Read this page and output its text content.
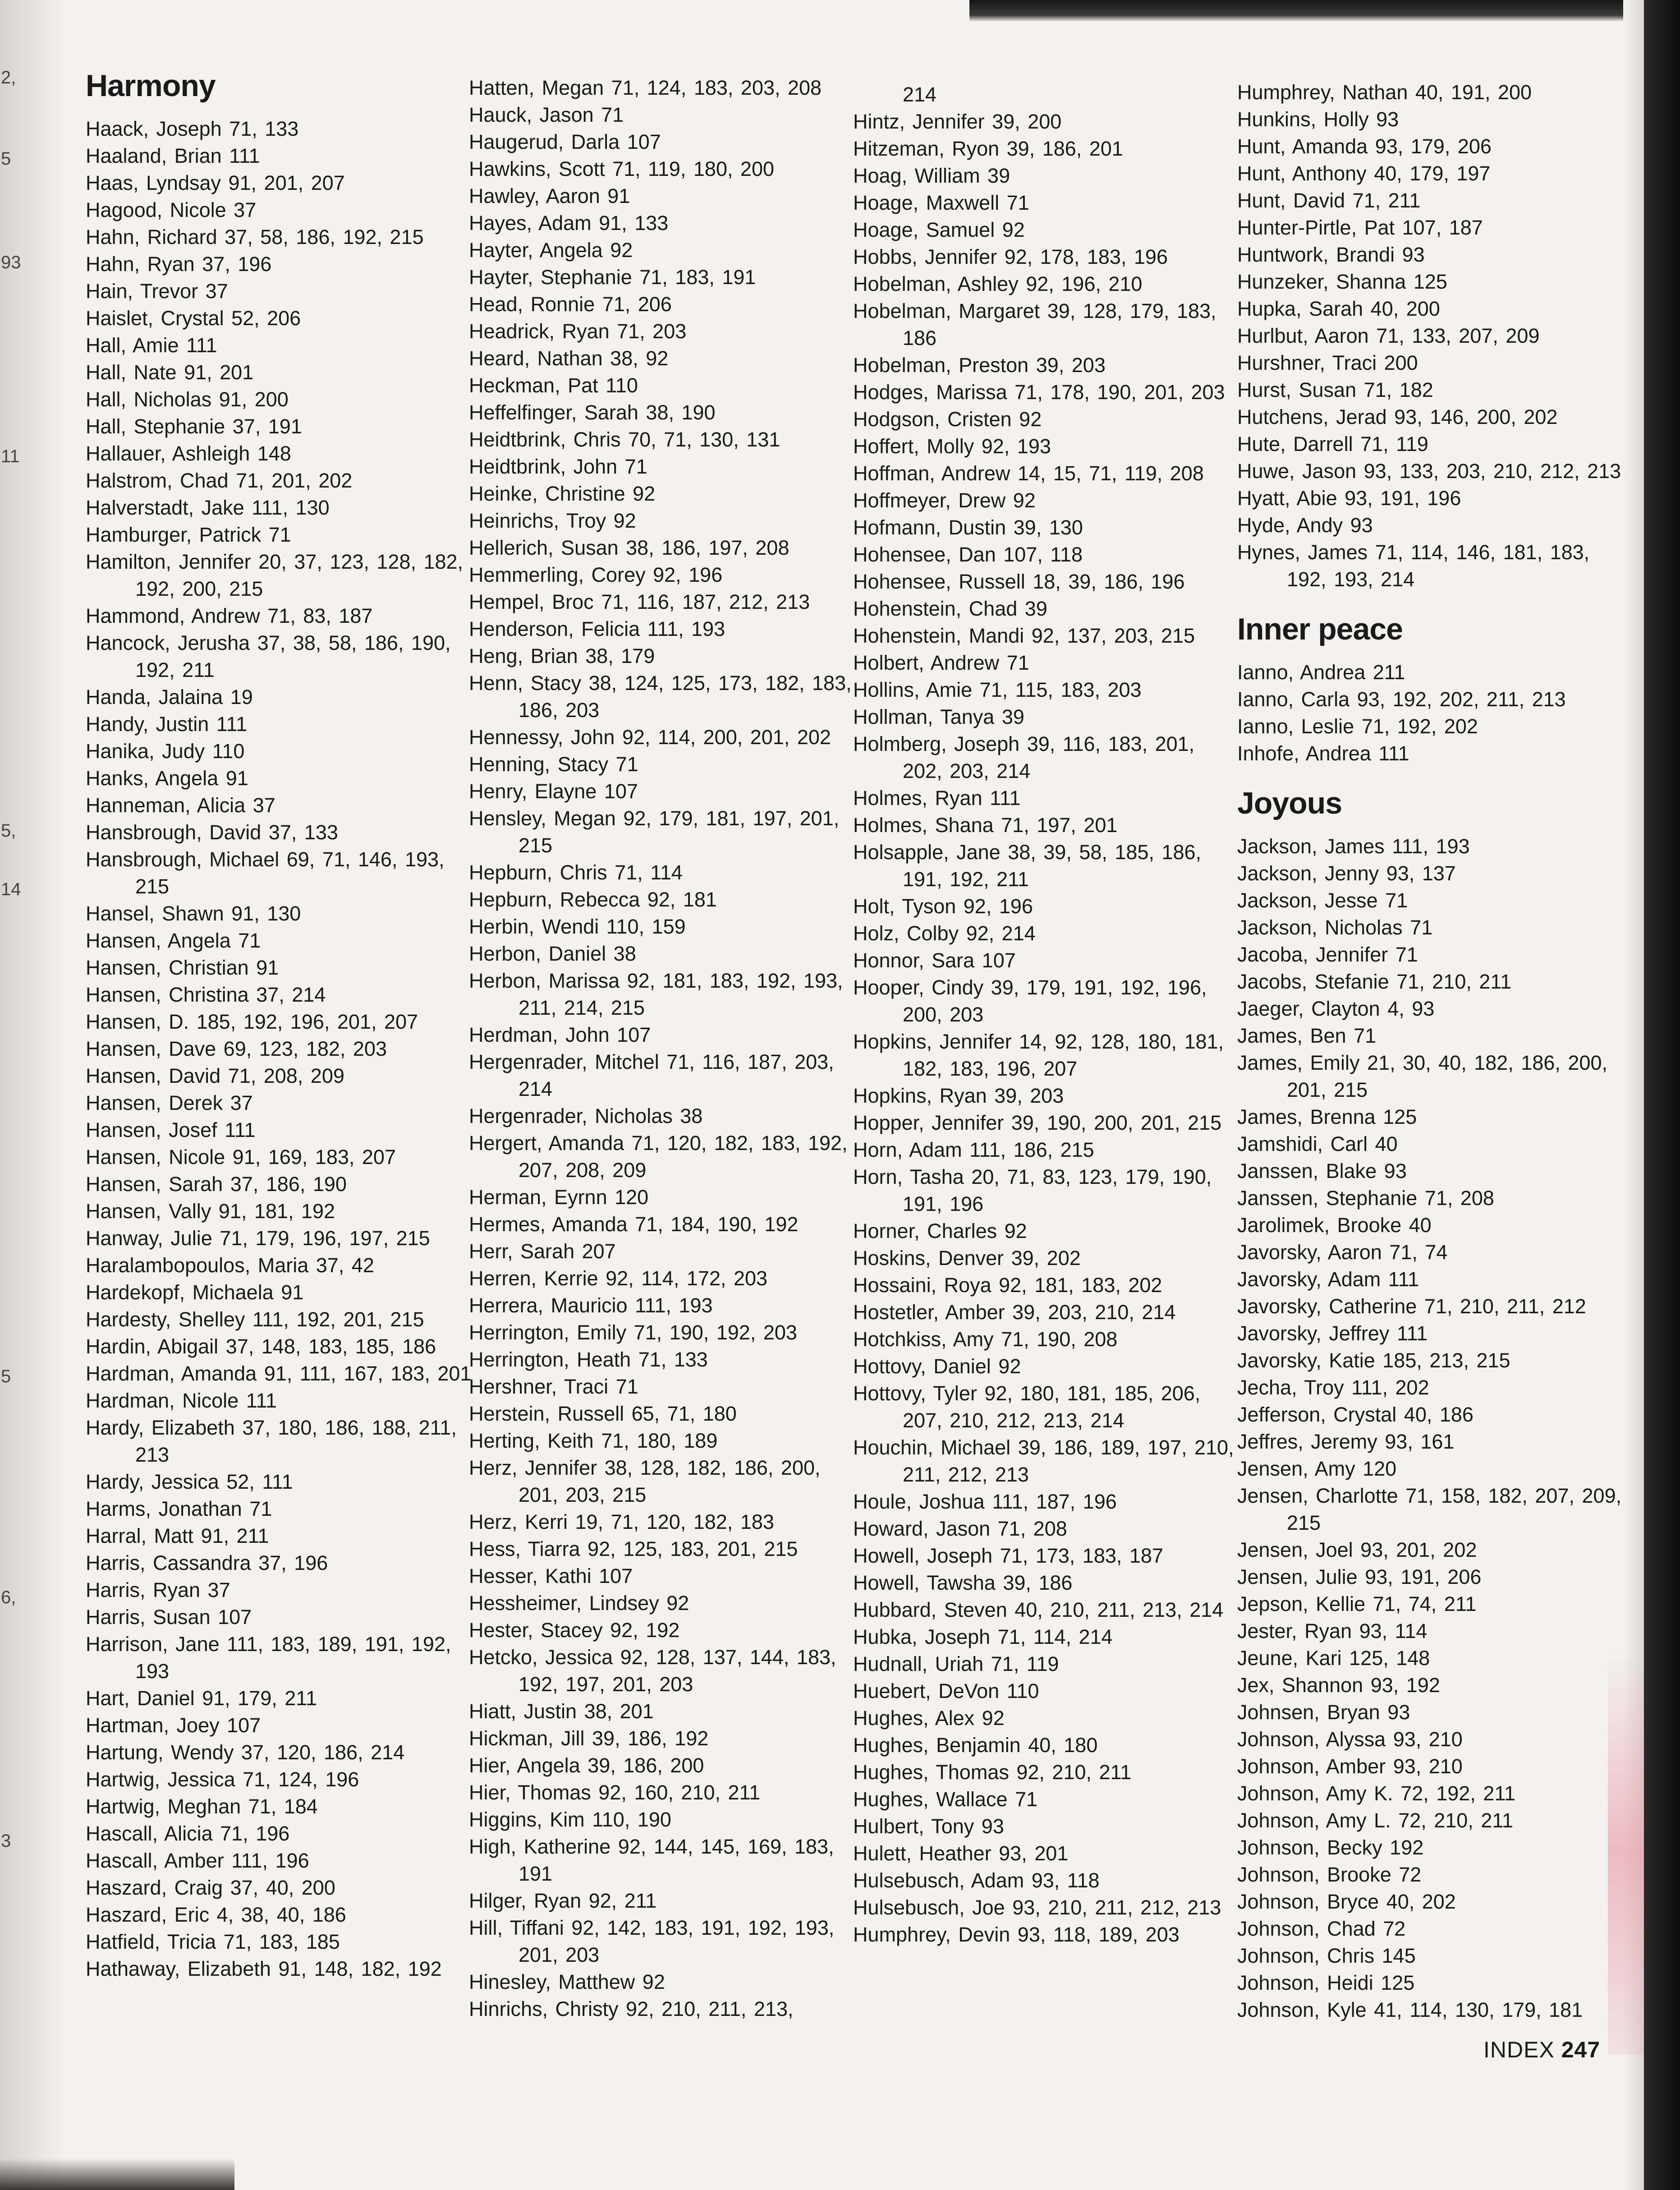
2,
5
93
11
5,
14
5
6,
3
Harmony
Haack, Joseph 71, 133
Haaland, Brian 111
Haas, Lyndsay 91, 201, 207
Hagood, Nicole 37
Hahn, Richard 37, 58, 186, 192, 215
Hahn, Ryan 37, 196
Hain, Trevor 37
Haislet, Crystal 52, 206
Hall, Amie 111
Hall, Nate 91, 201
Hall, Nicholas 91, 200
Hall, Stephanie 37, 191
Hallauer, Ashleigh 148
Halstrom, Chad 71, 201, 202
Halverstadt, Jake 111, 130
Hamburger, Patrick 71
Hamilton, Jennifer 20, 37, 123, 128, 182, 192, 200, 215
Hammond, Andrew 71, 83, 187
Hancock, Jerusha 37, 38, 58, 186, 190, 192, 211
Handa, Jalaina 19
Handy, Justin 111
Hanika, Judy 110
Hanks, Angela 91
Hanneman, Alicia 37
Hansbrough, David 37, 133
Hansbrough, Michael 69, 71, 146, 193, 215
Hansel, Shawn 91, 130
Hansen, Angela 71
Hansen, Christian 91
Hansen, Christina 37, 214
Hansen, D. 185, 192, 196, 201, 207
Hansen, Dave 69, 123, 182, 203
Hansen, David 71, 208, 209
Hansen, Derek 37
Hansen, Josef 111
Hansen, Nicole 91, 169, 183, 207
Hansen, Sarah 37, 186, 190
Hansen, Vally 91, 181, 192
Hanway, Julie 71, 179, 196, 197, 215
Haralambopoulos, Maria 37, 42
Hardekopf, Michaela 91
Hardesty, Shelley 111, 192, 201, 215
Hardin, Abigail 37, 148, 183, 185, 186
Hardman, Amanda 91, 111, 167, 183, 201
Hardman, Nicole 111
Hardy, Elizabeth 37, 180, 186, 188, 211, 213
Hardy, Jessica 52, 111
Harms, Jonathan 71
Harral, Matt 91, 211
Harris, Cassandra 37, 196
Harris, Ryan 37
Harris, Susan 107
Harrison, Jane 111, 183, 189, 191, 192, 193
Hart, Daniel 91, 179, 211
Hartman, Joey 107
Hartung, Wendy 37, 120, 186, 214
Hartwig, Jessica 71, 124, 196
Hartwig, Meghan 71, 184
Hascall, Alicia 71, 196
Hascall, Amber 111, 196
Haszard, Craig 37, 40, 200
Haszard, Eric 4, 38, 40, 186
Hatfield, Tricia 71, 183, 185
Hathaway, Elizabeth 91, 148, 182, 192
Hatten, Megan 71, 124, 183, 203, 208
Hauck, Jason 71
Haugerud, Darla 107
Hawkins, Scott 71, 119, 180, 200
Hawley, Aaron 91
Hayes, Adam 91, 133
Hayter, Angela 92
Hayter, Stephanie 71, 183, 191
Head, Ronnie 71, 206
Headrick, Ryan 71, 203
Heard, Nathan 38, 92
Heckman, Pat 110
Heffelfinger, Sarah 38, 190
Heidtbrink, Chris 70, 71, 130, 131
Heidtbrink, John 71
Heinke, Christine 92
Heinrichs, Troy 92
Hellerich, Susan 38, 186, 197, 208
Hemmerling, Corey 92, 196
Hempel, Broc 71, 116, 187, 212, 213
Henderson, Felicia 111, 193
Heng, Brian 38, 179
Henn, Stacy 38, 124, 125, 173, 182, 183, 186, 203
Hennessy, John 92, 114, 200, 201, 202
Henning, Stacy 71
Henry, Elayne 107
Hensley, Megan 92, 179, 181, 197, 201, 215
Hepburn, Chris 71, 114
Hepburn, Rebecca 92, 181
Herbin, Wendi 110, 159
Herbon, Daniel 38
Herbon, Marissa 92, 181, 183, 192, 193, 211, 214, 215
Herdman, John 107
Hergenrader, Mitchel 71, 116, 187, 203, 214
Hergenrader, Nicholas 38
Hergert, Amanda 71, 120, 182, 183, 192, 207, 208, 209
Herman, Eyrnn 120
Hermes, Amanda 71, 184, 190, 192
Herr, Sarah 207
Herren, Kerrie 92, 114, 172, 203
Herrera, Mauricio 111, 193
Herrington, Emily 71, 190, 192, 203
Herrington, Heath 71, 133
Hershner, Traci 71
Herstein, Russell 65, 71, 180
Herting, Keith 71, 180, 189
Herz, Jennifer 38, 128, 182, 186, 200, 201, 203, 215
Herz, Kerri 19, 71, 120, 182, 183
Hess, Tiarra 92, 125, 183, 201, 215
Hesser, Kathi 107
Hessheimer, Lindsey 92
Hester, Stacey 92, 192
Hetcko, Jessica 92, 128, 137, 144, 183, 192, 197, 201, 203
Hiatt, Justin 38, 201
Hickman, Jill 39, 186, 192
Hier, Angela 39, 186, 200
Hier, Thomas 92, 160, 210, 211
Higgins, Kim 110, 190
High, Katherine 92, 144, 145, 169, 183, 191
Hilger, Ryan 92, 211
Hill, Tiffani 92, 142, 183, 191, 192, 193, 201, 203
Hinesley, Matthew 92
Hinrichs, Christy 92, 210, 211, 213,
214
Hintz, Jennifer 39, 200
Hitzeman, Ryon 39, 186, 201
Hoag, William 39
Hoage, Maxwell 71
Hoage, Samuel 92
Hobbs, Jennifer 92, 178, 183, 196
Hobelman, Ashley 92, 196, 210
Hobelman, Margaret 39, 128, 179, 183, 186
Hobelman, Preston 39, 203
Hodges, Marissa 71, 178, 190, 201, 203
Hodgson, Cristen 92
Hoffert, Molly 92, 193
Hoffman, Andrew 14, 15, 71, 119, 208
Hoffmeyer, Drew 92
Hofmann, Dustin 39, 130
Hohensee, Dan 107, 118
Hohensee, Russell 18, 39, 186, 196
Hohenstein, Chad 39
Hohenstein, Mandi 92, 137, 203, 215
Holbert, Andrew 71
Hollins, Amie 71, 115, 183, 203
Hollman, Tanya 39
Holmberg, Joseph 39, 116, 183, 201, 202, 203, 214
Holmes, Ryan 111
Holmes, Shana 71, 197, 201
Holsapple, Jane 38, 39, 58, 185, 186, 191, 192, 211
Holt, Tyson 92, 196
Holz, Colby 92, 214
Honnor, Sara 107
Hooper, Cindy 39, 179, 191, 192, 196, 200, 203
Hopkins, Jennifer 14, 92, 128, 180, 181, 182, 183, 196, 207
Hopkins, Ryan 39, 203
Hopper, Jennifer 39, 190, 200, 201, 215
Horn, Adam 111, 186, 215
Horn, Tasha 20, 71, 83, 123, 179, 190, 191, 196
Horner, Charles 92
Hoskins, Denver 39, 202
Hossaini, Roya 92, 181, 183, 202
Hostetler, Amber 39, 203, 210, 214
Hotchkiss, Amy 71, 190, 208
Hottovy, Daniel 92
Hottovy, Tyler 92, 180, 181, 185, 206, 207, 210, 212, 213, 214
Houchin, Michael 39, 186, 189, 197, 210, 211, 212, 213
Houle, Joshua 111, 187, 196
Howard, Jason 71, 208
Howell, Joseph 71, 173, 183, 187
Howell, Tawsha 39, 186
Hubbard, Steven 40, 210, 211, 213, 214
Hubka, Joseph 71, 114, 214
Hudnall, Uriah 71, 119
Huebert, DeVon 110
Hughes, Alex 92
Hughes, Benjamin 40, 180
Hughes, Thomas 92, 210, 211
Hughes, Wallace 71
Hulbert, Tony 93
Hulett, Heather 93, 201
Hulsebusch, Adam 93, 118
Hulsebusch, Joe 93, 210, 211, 212, 213
Humphrey, Devin 93, 118, 189, 203
Humphrey, Nathan 40, 191, 200
Hunkins, Holly 93
Hunt, Amanda 93, 179, 206
Hunt, Anthony 40, 179, 197
Hunt, David 71, 211
Hunter-Pirtle, Pat 107, 187
Huntwork, Brandi 93
Hunzeker, Shanna 125
Hupka, Sarah 40, 200
Hurlbut, Aaron 71, 133, 207, 209
Hurshner, Traci 200
Hurst, Susan 71, 182
Hutchens, Jerad 93, 146, 200, 202
Hute, Darrell 71, 119
Huwe, Jason 93, 133, 203, 210, 212, 213
Hyatt, Abie 93, 191, 196
Hyde, Andy 93
Hynes, James 71, 114, 146, 181, 183, 192, 193, 214
Inner peace
Ianno, Andrea 211
Ianno, Carla 93, 192, 202, 211, 213
Ianno, Leslie 71, 192, 202
Inhofe, Andrea 111
Joyous
Jackson, James 111, 193
Jackson, Jenny 93, 137
Jackson, Jesse 71
Jackson, Nicholas 71
Jacoba, Jennifer 71
Jacobs, Stefanie 71, 210, 211
Jaeger, Clayton 4, 93
James, Ben 71
James, Emily 21, 30, 40, 182, 186, 200, 201, 215
James, Brenna 125
Jamshidi, Carl 40
Janssen, Blake 93
Janssen, Stephanie 71, 208
Jarolimek, Brooke 40
Javorsky, Aaron 71, 74
Javorsky, Adam 111
Javorsky, Catherine 71, 210, 211, 212
Javorsky, Jeffrey 111
Javorsky, Katie 185, 213, 215
Jecha, Troy 111, 202
Jefferson, Crystal 40, 186
Jeffres, Jeremy 93, 161
Jensen, Amy 120
Jensen, Charlotte 71, 158, 182, 207, 209, 215
Jensen, Joel 93, 201, 202
Jensen, Julie 93, 191, 206
Jepson, Kellie 71, 74, 211
Jester, Ryan 93, 114
Jeune, Kari 125, 148
Jex, Shannon 93, 192
Johnsen, Bryan 93
Johnson, Alyssa 93, 210
Johnson, Amber 93, 210
Johnson, Amy K. 72, 192, 211
Johnson, Amy L. 72, 210, 211
Johnson, Becky 192
Johnson, Brooke 72
Johnson, Bryce 40, 202
Johnson, Chad 72
Johnson, Chris 145
Johnson, Heidi 125
Johnson, Kyle 41, 114, 130, 179, 181
INDEX 247
